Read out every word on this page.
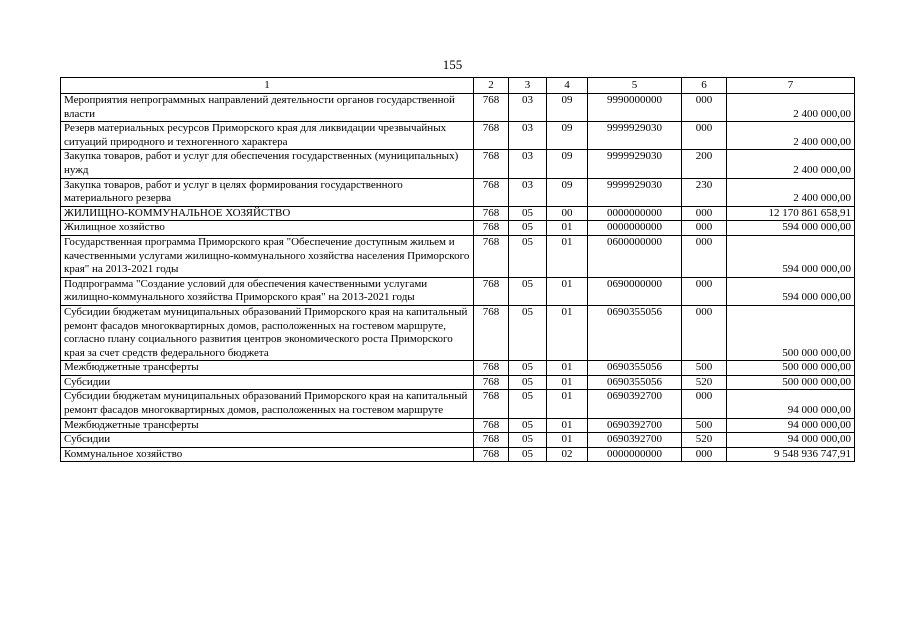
155
1	2	3	4	5	6	7
Мероприятия непрограммных направлений деятельности органов государственной власти	768	03	09	9990000000	000	2 400 000,00
Резерв материальных ресурсов Приморского края для ликвидации чрезвычайных ситуаций природного и техногенного характера	768	03	09	9999929030	000	2 400 000,00
Закупка товаров, работ и услуг для обеспечения государственных (муниципальных) нужд	768	03	09	9999929030	200	2 400 000,00
Закупка товаров, работ и услуг в целях формирования государственного материального резерва	768	03	09	9999929030	230	2 400 000,00
ЖИЛИЩНО-КОММУНАЛЬНОЕ ХОЗЯЙСТВО	768	05	00	0000000000	000	12 170 861 658,91
Жилищное хозяйство	768	05	01	0000000000	000	594 000 000,00
Государственная программа Приморского края "Обеспечение доступным жильем и качественными услугами жилищно-коммунального хозяйства населения Приморского края" на 2013-2021 годы	768	05	01	0600000000	000	594 000 000,00
Подпрограмма "Создание условий для обеспечения качественными услугами жилищно-коммунального хозяйства Приморского края" на 2013-2021 годы	768	05	01	0690000000	000	594 000 000,00
Субсидии бюджетам муниципальных образований Приморского края на капитальный ремонт фасадов многоквартирных домов, расположенных на гостевом маршруте, согласно плану социального развития центров экономического роста Приморского края за счет средств федерального бюджета	768	05	01	0690355056	000	500 000 000,00
Межбюджетные трансферты	768	05	01	0690355056	500	500 000 000,00
Субсидии	768	05	01	0690355056	520	500 000 000,00
Субсидии бюджетам муниципальных образований Приморского края на капитальный ремонт фасадов многоквартирных домов, расположенных на гостевом маршруте	768	05	01	0690392700	000	94 000 000,00
Межбюджетные трансферты	768	05	01	0690392700	500	94 000 000,00
Субсидии	768	05	01	0690392700	520	94 000 000,00
Коммунальное хозяйство	768	05	02	0000000000	000	9 548 936 747,91
